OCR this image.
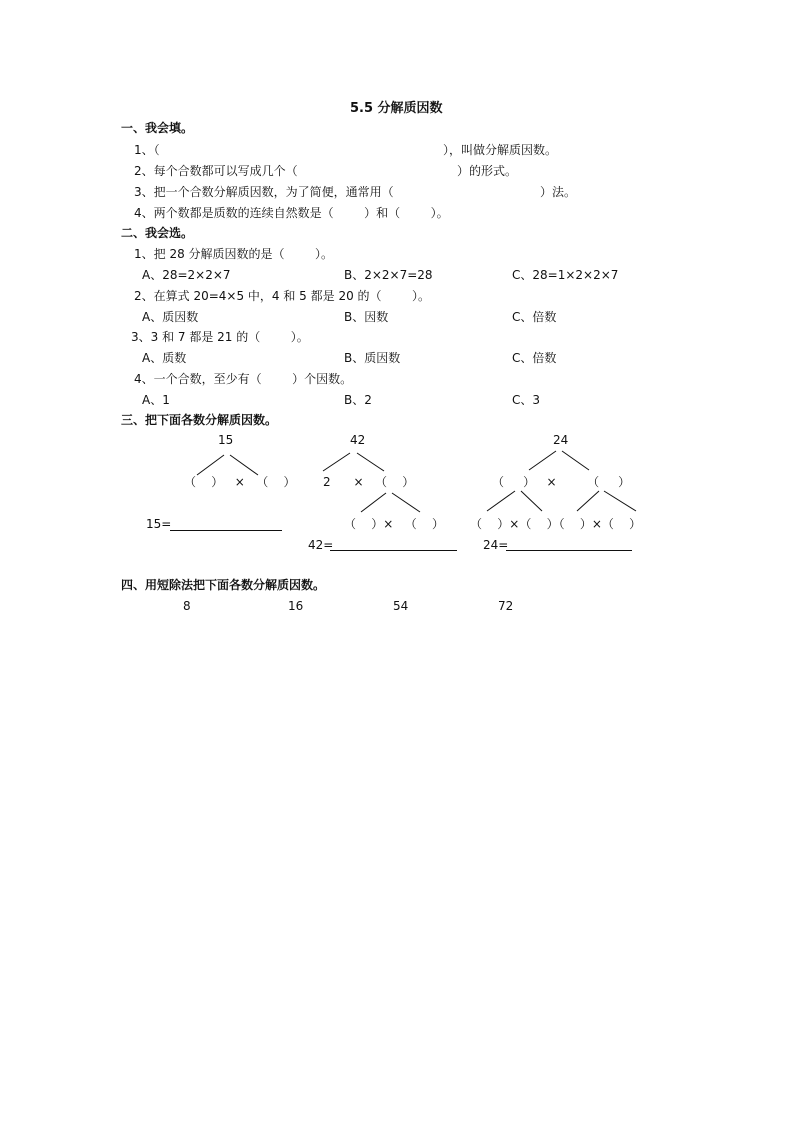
5.5 分解质因数
一、我会填。
1、（	），叫做分解质因数。
2、每个合数都可以写成几个（	）的形式。
3、把一个合数分解质因数，为了简便，通常用（	）法。
4、两个数都是质数的连续自然数是（        ）和（        ）。
二、我会选。
1、把 28 分解质因数的是（        ）。
A、28=2×2×7	B、2×2×7=28	C、28=1×2×2×7
2、在算式 20=4×5 中，4 和 5 都是 20 的（        ）。
A、质因数	B、因数	C、倍数
3、3 和 7 都是 21 的（        ）。
A、质数	B、质因数	C、倍数
4、一个合数，至少有（        ）个因数。
A、1	B、2	C、3
三、把下面各数分解质因数。
15
（    ）   ×   （    ）
15=
42
2      ×   （    ）
（    ）×   （    ）
42=
24
（     ）   ×        （     ）
（    ）×（    ）（    ）×（    ）
24=
四、用短除法把下面各数分解质因数。
8	16	54	72
